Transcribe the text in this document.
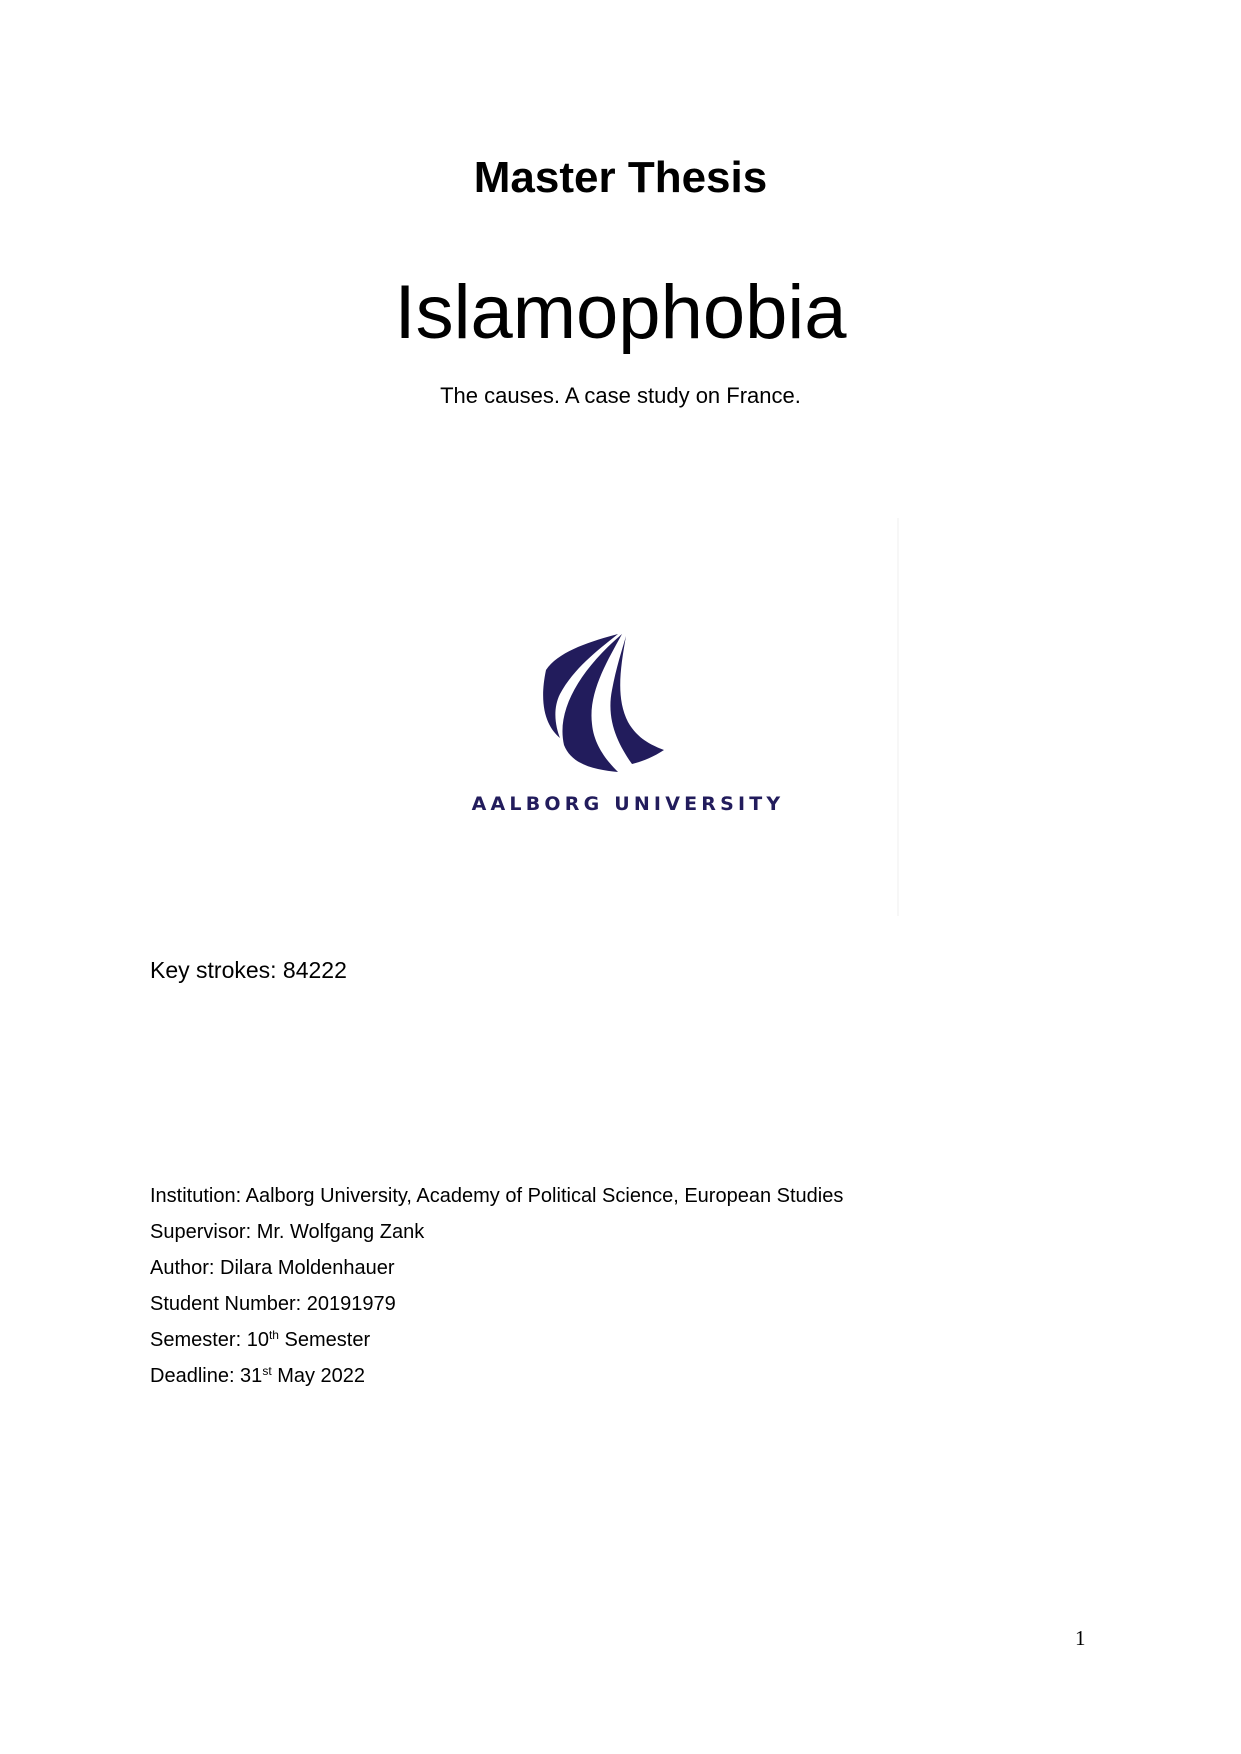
Master Thesis
Islamophobia
The causes. A case study on France.
AALBORG UNIVERSITY
Key strokes: 84222
Institution: Aalborg University, Academy of Political Science, European Studies
Supervisor: Mr. Wolfgang Zank
Author: Dilara Moldenhauer
Student Number: 20191979
Semester: 10th Semester
Deadline: 31st May 2022
1
